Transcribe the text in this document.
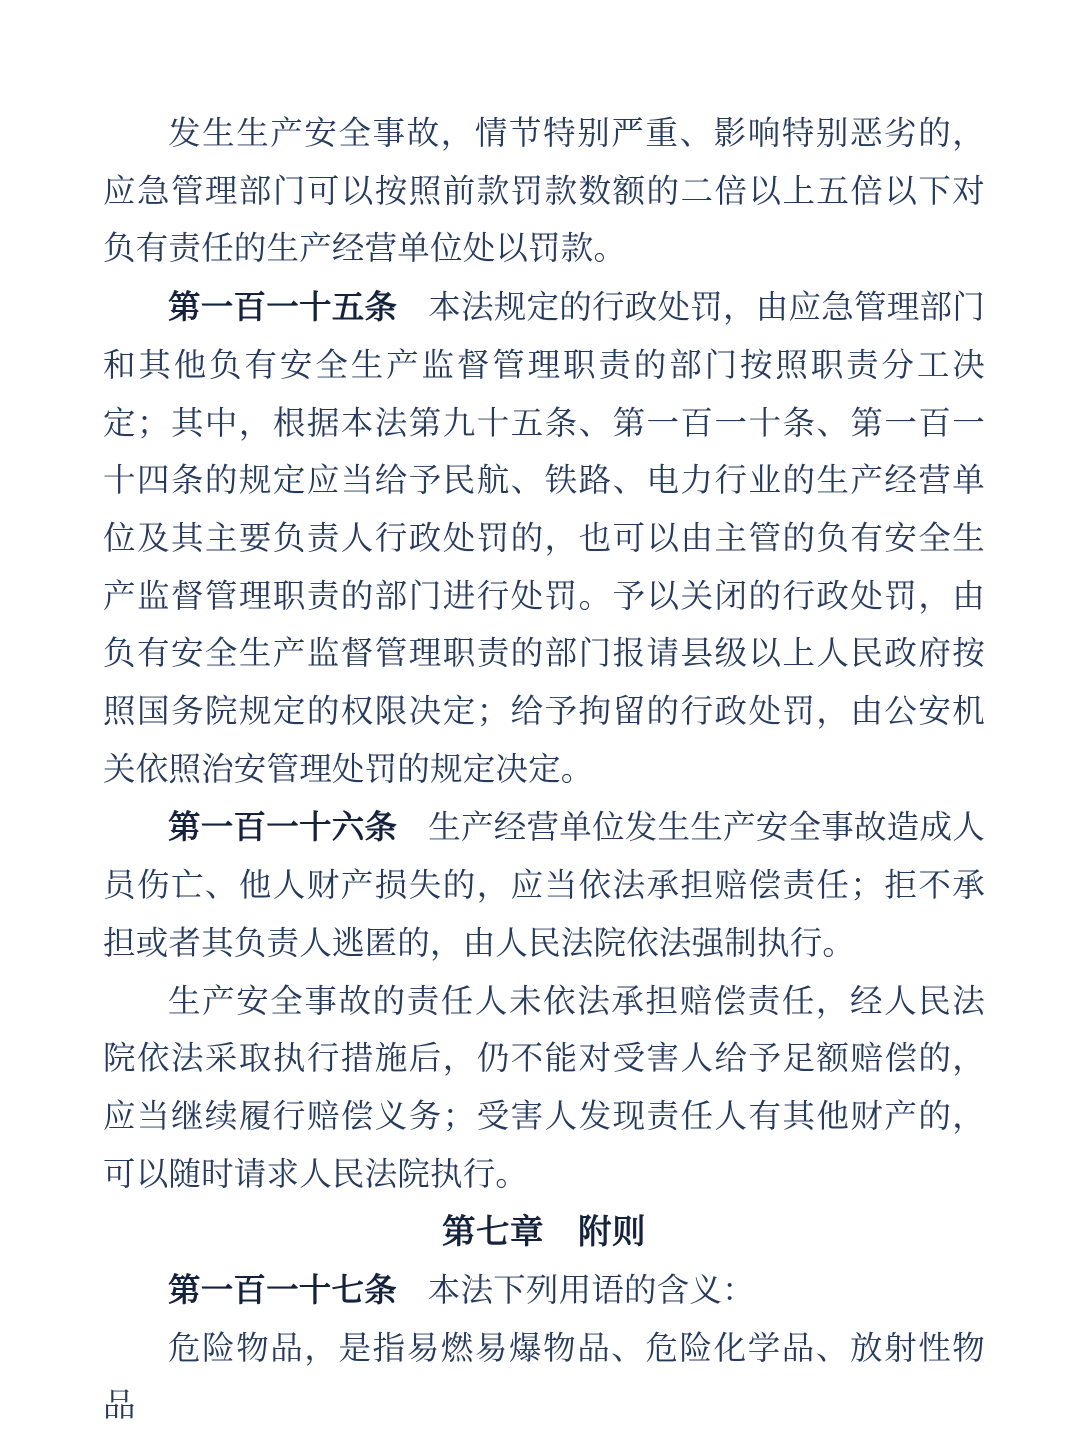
发生生产安全事故，情节特别严重、影响特别恶劣的，应急管理部门可以按照前款罚款数额的二倍以上五倍以下对负有责任的生产经营单位处以罚款。

第一百一十五条 本法规定的行政处罚，由应急管理部门和其他负有安全生产监督管理职责的部门按照职责分工决定；其中，根据本法第九十五条、第一百一十条、第一百一十四条的规定应当给予民航、铁路、电力行业的生产经营单位及其主要负责人行政处罚的，也可以由主管的负有安全生产监督管理职责的部门进行处罚。予以关闭的行政处罚，由负有安全生产监督管理职责的部门报请县级以上人民政府按照国务院规定的权限决定；给予拘留的行政处罚，由公安机关依照治安管理处罚的规定决定。

第一百一十六条 生产经营单位发生生产安全事故造成人员伤亡、他人财产损失的，应当依法承担赔偿责任；拒不承担或者其负责人逃匿的，由人民法院依法强制执行。

生产安全事故的责任人未依法承担赔偿责任，经人民法院依法采取执行措施后，仍不能对受害人给予足额赔偿的，应当继续履行赔偿义务；受害人发现责任人有其他财产的，可以随时请求人民法院执行。

第七章　附则

第一百一十七条 本法下列用语的含义：

危险物品，是指易燃易爆物品、危险化学品、放射性物品
